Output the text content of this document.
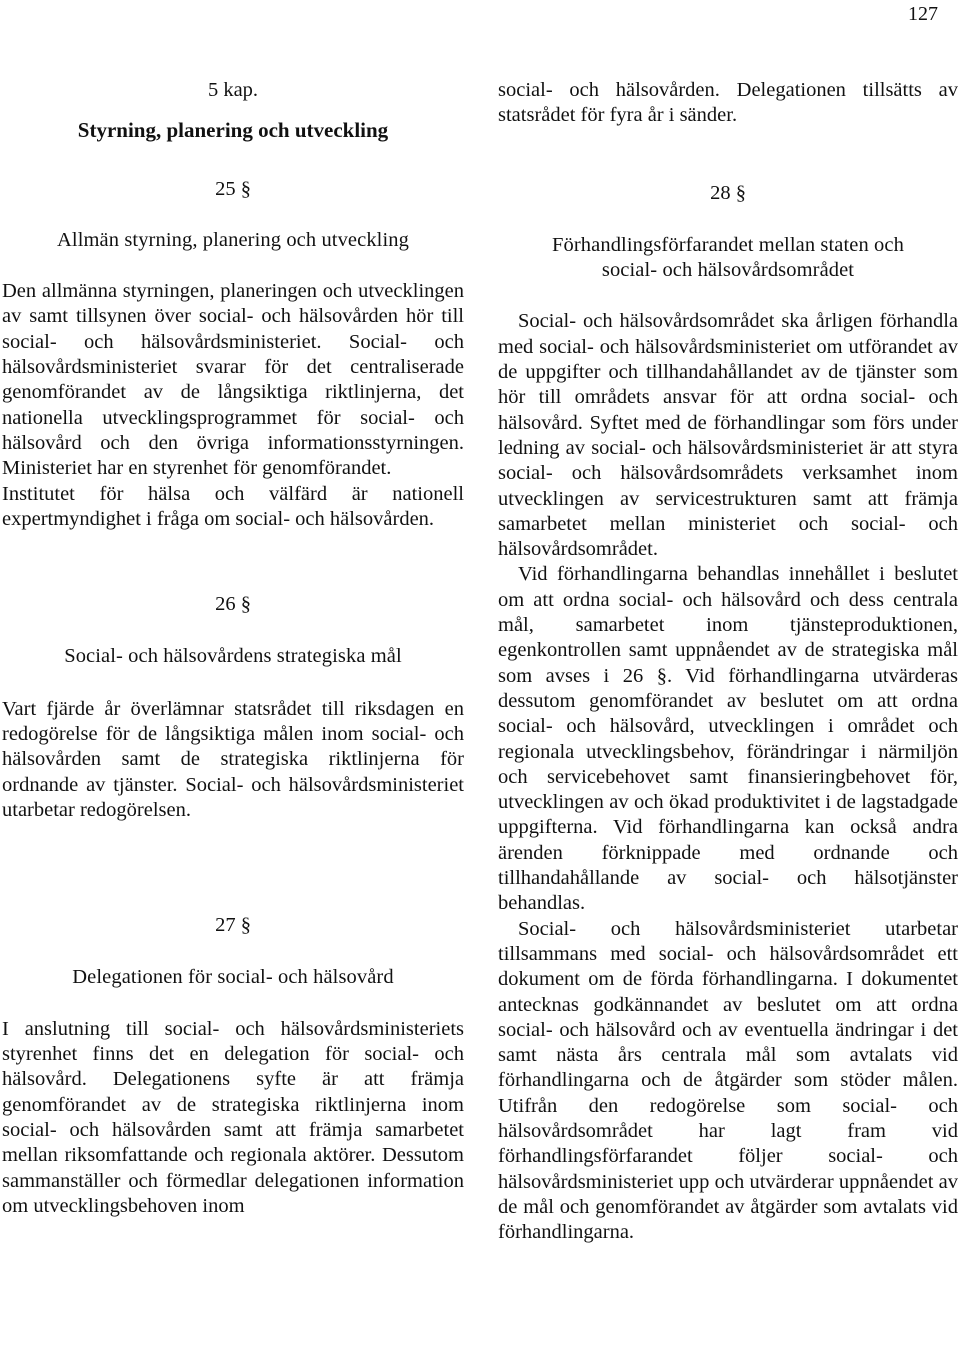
127

5 kap.

Styrning, planering och utveckling

25 §

Allmän styrning, planering och utveckling

Den allmänna styrningen, planeringen och utvecklingen av samt tillsynen över social- och hälsovården hör till social- och hälsovårdsministeriet. Social- och hälsovårdsministeriet svarar för det centraliserade genomförandet av de långsiktiga riktlinjerna, det nationella utvecklingsprogrammet för social- och hälsovård och den övriga informationsstyrningen. Ministeriet har en styrenhet för genomförandet.

Institutet för hälsa och välfärd är nationell expertmyndighet i fråga om social- och hälsovården.

26 §

Social- och hälsovårdens strategiska mål

Vart fjärde år överlämnar statsrådet till riksdagen en redogörelse för de långsiktiga målen inom social- och hälsovården samt de strategiska riktlinjerna för ordnande av tjänster. Social- och hälsovårdsministeriet utarbetar redogörelsen.

27 §

Delegationen för social- och hälsovård

I anslutning till social- och hälsovårdsministeriets styrenhet finns det en delegation för social- och hälsovård. Delegationens syfte är att främja genomförandet av de strategiska riktlinjerna inom social- och hälsovården samt att främja samarbetet mellan riksomfattande och regionala aktörer. Dessutom sammanställer och förmedlar delegationen information om utvecklingsbehoven inom

social- och hälsovården. Delegationen tillsätts av statsrådet för fyra år i sänder.

28 §

Förhandlingsförfarandet mellan staten och

social- och hälsovårdsområdet

Social- och hälsovårdsområdet ska årligen förhandla med social- och hälsovårdsministeriet om utförandet av de uppgifter och tillhandahållandet av de tjänster som hör till områdets ansvar för att ordna social- och hälsovård. Syftet med de förhandlingar som förs under ledning av social- och hälsovårdsministeriet är att styra social- och hälsovårdsområdets verksamhet inom utvecklingen av servicestrukturen samt att främja samarbetet mellan ministeriet och social- och hälsovårdsområdet.

Vid förhandlingarna behandlas innehållet i beslutet om att ordna social- och hälsovård och dess centrala mål, samarbetet inom tjänsteproduktionen, egenkontrollen samt uppnåendet av de strategiska mål som avses i 26 §. Vid förhandlingarna utvärderas dessutom genomförandet av beslutet om att ordna social- och hälsovård, utvecklingen i området och regionala utvecklingsbehov, förändringar i närmiljön och servicebehovet samt finansieringbehovet för, utvecklingen av och ökad produktivitet i de lagstadgade uppgifterna. Vid förhandlingarna kan också andra ärenden förknippade med ordnande och tillhandahållande av social- och hälsotjänster behandlas.

Social- och hälsovårdsministeriet utarbetar tillsammans med social- och hälsovårdsområdet ett dokument om de förda förhandlingarna. I dokumentet antecknas godkännandet av beslutet om att ordna social- och hälsovård och av eventuella ändringar i det samt nästa års centrala mål som avtalats vid förhandlingarna och de åtgärder som stöder målen. Utifrån den redogörelse som social- och hälsovårdsområdet har lagt fram vid förhandlingsförfarandet följer social- och hälsovårdsministeriet upp och utvärderar uppnåendet av de mål och genomförandet av åtgärder som avtalats vid förhandlingarna.
